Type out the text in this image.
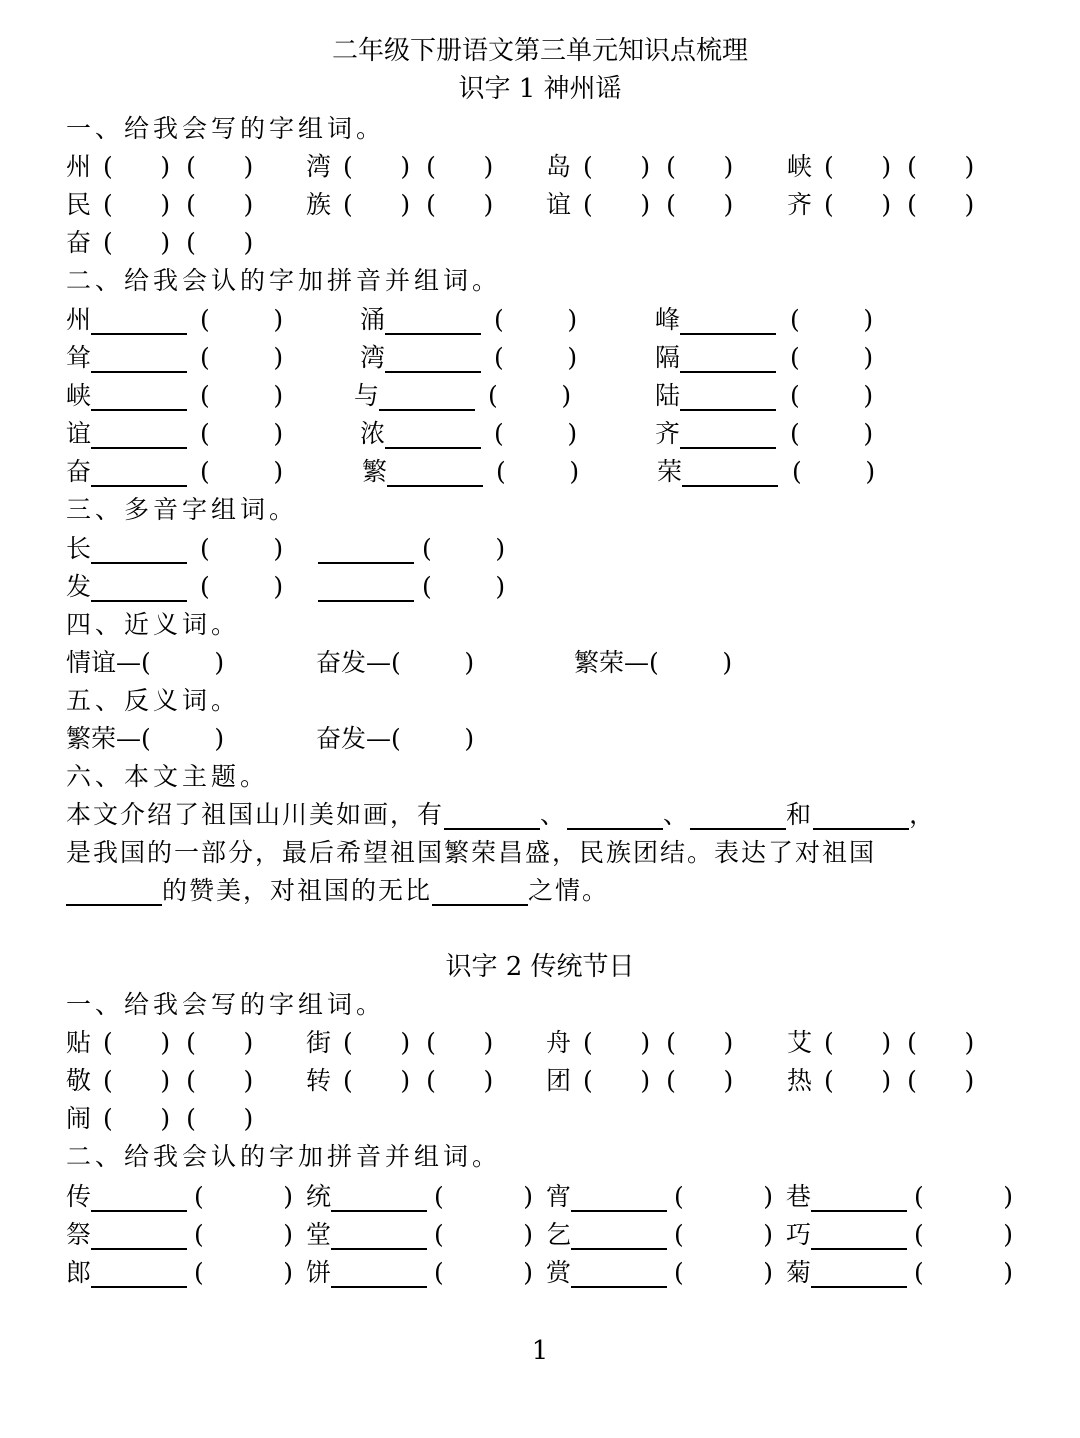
二年级下册语文第三单元知识点梳理
识字 1 神州谣
一、给我会写的字组词。
州 (      )  (      ) 湾 (      )  (      ) 岛 (      )  (      ) 峡 (      )  (      )
民 (      )  (      ) 族 (      )  (      ) 谊 (      )  (      ) 齐 (      )  (      )
奋 (      )  (      )
二、给我会认的字加拼音并组词。
州	(        )	涌	(        )	峰	(        )
耸	(        )	湾	(        )	隔	(        )
峡	(        )	与	(        )	陆	(        )
谊	(        )	浓	(        )	齐	(        )
奋	(        )	繁	(        )	荣	(        )
三、多音字组词。
长	(        )	(        )
发	(        )	(        )
四、近义词。
情谊—(        )	奋发—(        )	繁荣—(        )
五、反义词。
繁荣—(        )	奋发—(        )
六、本文主题。
本文介绍了祖国山川美如画，有	、	、	和	，
是我国的一部分，最后希望祖国繁荣昌盛，民族团结。表达了对祖国
的赞美，对祖国的无比	之情。
识字 2 传统节日
一、给我会写的字组词。
贴 (      )  (      ) 街 (      )  (      ) 舟 (      )  (      ) 艾 (      )  (      )
敬 (      )  (      ) 转 (      )  (      ) 团 (      )  (      ) 热 (      )  (      )
闹 (      )  (      )
二、给我会认的字加拼音并组词。
传	(          ) 统	(          ) 宵	(          ) 巷	(          )
祭	(          ) 堂	(          ) 乞	(          ) 巧	(          )
郎	(          ) 饼	(          ) 赏	(          ) 菊	(          )
1
